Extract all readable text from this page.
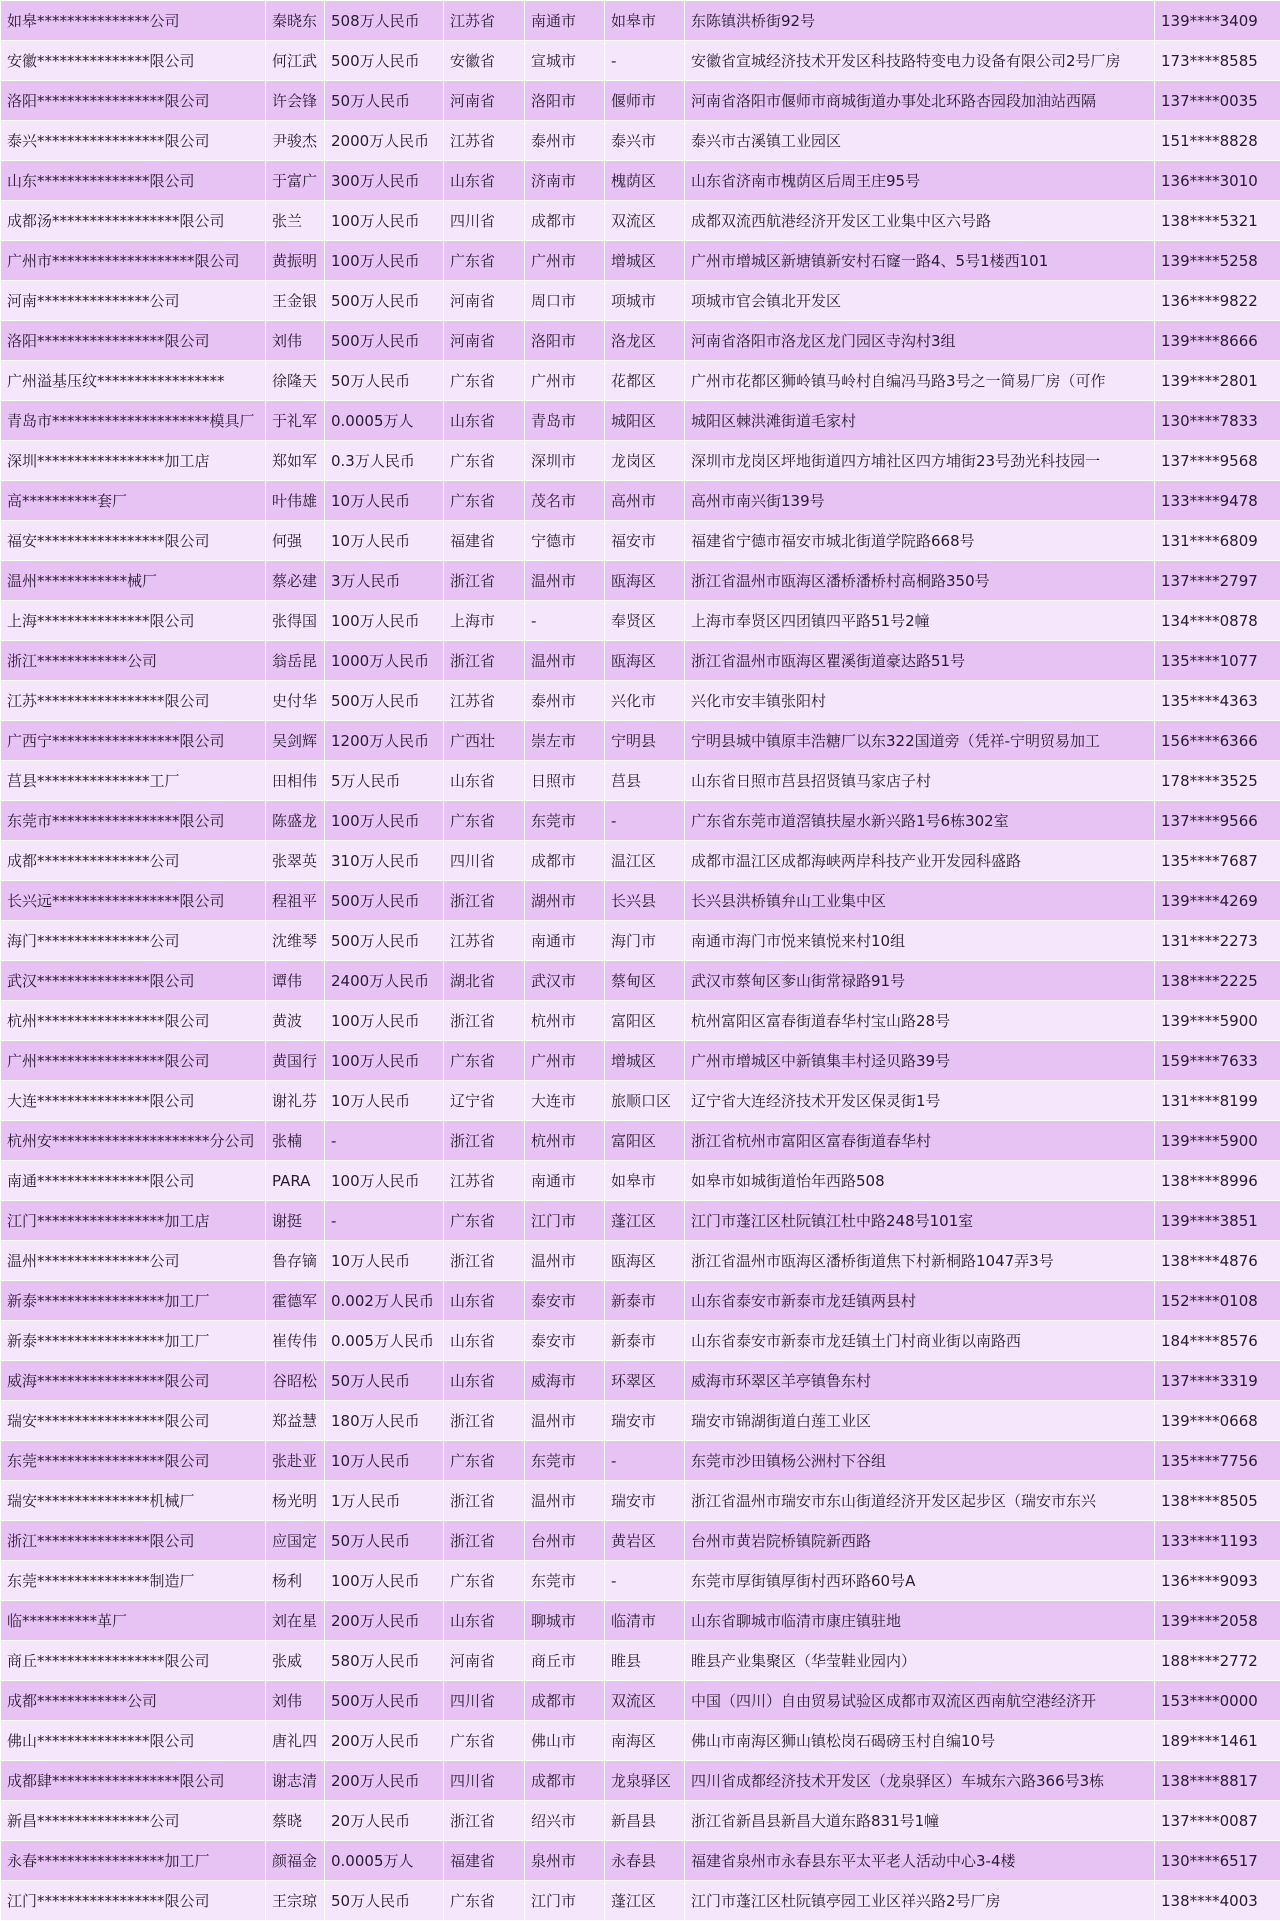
如皋***************公司	秦晓东	508万人民币	江苏省	南通市	如皋市	东陈镇洪桥街92号	139****3409
安徽***************限公司	何江武	500万人民币	安徽省	宣城市	-	安徽省宣城经济技术开发区科技路特变电力设备有限公司2号厂房	173****8585
洛阳*****************限公司	许会锋	50万人民币	河南省	洛阳市	偃师市	河南省洛阳市偃师市商城街道办事处北环路杏园段加油站西隔	137****0035
泰兴*****************限公司	尹骏杰	2000万人民币	江苏省	泰州市	泰兴市	泰兴市古溪镇工业园区	151****8828
山东***************限公司	于富广	300万人民币	山东省	济南市	槐荫区	山东省济南市槐荫区后周王庄95号	136****3010
成都汤*****************限公司	张兰	100万人民币	四川省	成都市	双流区	成都双流西航港经济开发区工业集中区六号路	138****5321
广州市*******************限公司	黄振明	100万人民币	广东省	广州市	增城区	广州市增城区新塘镇新安村石窿一路4、5号1楼西101	139****5258
河南***************公司	王金银	500万人民币	河南省	周口市	项城市	项城市官会镇北开发区	136****9822
洛阳*****************限公司	刘伟	500万人民币	河南省	洛阳市	洛龙区	河南省洛阳市洛龙区龙门园区寺沟村3组	139****8666
广州溢基压纹*****************	徐隆天	50万人民币	广东省	广州市	花都区	广州市花都区狮岭镇马岭村自编冯马路3号之一简易厂房（可作	139****2801
青岛市*********************模具厂	于礼军	0.0005万人	山东省	青岛市	城阳区	城阳区棘洪滩街道毛家村	130****7833
深圳*****************加工店	郑如军	0.3万人民币	广东省	深圳市	龙岗区	深圳市龙岗区坪地街道四方埔社区四方埔街23号劲光科技园一	137****9568
高**********套厂	叶伟雄	10万人民币	广东省	茂名市	高州市	高州市南兴街139号	133****9478
福安*****************限公司	何强	10万人民币	福建省	宁德市	福安市	福建省宁德市福安市城北街道学院路668号	131****6809
温州************械厂	蔡必建	3万人民币	浙江省	温州市	瓯海区	浙江省温州市瓯海区潘桥潘桥村高桐路350号	137****2797
上海***************限公司	张得国	100万人民币	上海市	-	奉贤区	上海市奉贤区四团镇四平路51号2幢	134****0878
浙江************公司	翁岳昆	1000万人民币	浙江省	温州市	瓯海区	浙江省温州市瓯海区瞿溪街道豪达路51号	135****1077
江苏*****************限公司	史付华	500万人民币	江苏省	泰州市	兴化市	兴化市安丰镇张阳村	135****4363
广西宁*****************限公司	吴剑辉	1200万人民币	广西壮	崇左市	宁明县	宁明县城中镇原丰浩糖厂以东322国道旁（凭祥-宁明贸易加工	156****6366
莒县***************工厂	田相伟	5万人民币	山东省	日照市	莒县	山东省日照市莒县招贤镇马家店子村	178****3525
东莞市*****************限公司	陈盛龙	100万人民币	广东省	东莞市	-	广东省东莞市道滘镇扶屋水新兴路1号6栋302室	137****9566
成都***************公司	张翠英	310万人民币	四川省	成都市	温江区	成都市温江区成都海峡两岸科技产业开发园科盛路	135****7687
长兴远*****************限公司	程祖平	500万人民币	浙江省	湖州市	长兴县	长兴县洪桥镇弁山工业集中区	139****4269
海门***************公司	沈维琴	500万人民币	江苏省	南通市	海门市	南通市海门市悦来镇悦来村10组	131****2273
武汉***************限公司	谭伟	2400万人民币	湖北省	武汉市	蔡甸区	武汉市蔡甸区奓山街常禄路91号	138****2225
杭州*****************限公司	黄波	100万人民币	浙江省	杭州市	富阳区	杭州富阳区富春街道春华村宝山路28号	139****5900
广州*****************限公司	黄国行	100万人民币	广东省	广州市	增城区	广州市增城区中新镇集丰村迳贝路39号	159****7633
大连***************限公司	谢礼芬	10万人民币	辽宁省	大连市	旅顺口区	辽宁省大连经济技术开发区保灵街1号	131****8199
杭州安*********************分公司	张楠	-	浙江省	杭州市	富阳区	浙江省杭州市富阳区富春街道春华村	139****5900
南通***************限公司	PARA	100万人民币	江苏省	南通市	如皋市	如皋市如城街道怡年西路508	138****8996
江门*****************加工店	谢挺	-	广东省	江门市	蓬江区	江门市蓬江区杜阮镇江杜中路248号101室	139****3851
温州***************公司	鲁存镝	10万人民币	浙江省	温州市	瓯海区	浙江省温州市瓯海区潘桥街道焦下村新桐路1047弄3号	138****4876
新泰*****************加工厂	霍德军	0.002万人民币	山东省	泰安市	新泰市	山东省泰安市新泰市龙廷镇两县村	152****0108
新泰*****************加工厂	崔传伟	0.005万人民币	山东省	泰安市	新泰市	山东省泰安市新泰市龙廷镇土门村商业街以南路西	184****8576
威海*****************限公司	谷昭松	50万人民币	山东省	威海市	环翠区	威海市环翠区羊亭镇鲁东村	137****3319
瑞安*****************限公司	郑益慧	180万人民币	浙江省	温州市	瑞安市	瑞安市锦湖街道白莲工业区	139****0668
东莞*****************限公司	张赴亚	10万人民币	广东省	东莞市	-	东莞市沙田镇杨公洲村下谷组	135****7756
瑞安***************机械厂	杨光明	1万人民币	浙江省	温州市	瑞安市	浙江省温州市瑞安市东山街道经济开发区起步区（瑞安市东兴	138****8505
浙江***************限公司	应国定	50万人民币	浙江省	台州市	黄岩区	台州市黄岩院桥镇院新西路	133****1193
东莞***************制造厂	杨利	100万人民币	广东省	东莞市	-	东莞市厚街镇厚街村西环路60号A	136****9093
临**********革厂	刘在星	200万人民币	山东省	聊城市	临清市	山东省聊城市临清市康庄镇驻地	139****2058
商丘*****************限公司	张威	580万人民币	河南省	商丘市	睢县	睢县产业集聚区（华莹鞋业园内）	188****2772
成都************公司	刘伟	500万人民币	四川省	成都市	双流区	中国（四川）自由贸易试验区成都市双流区西南航空港经济开	153****0000
佛山***************限公司	唐礼四	200万人民币	广东省	佛山市	南海区	佛山市南海区狮山镇松岗石碣磅玉村自编10号	189****1461
成都肆*****************限公司	谢志清	200万人民币	四川省	成都市	龙泉驿区	四川省成都经济技术开发区（龙泉驿区）车城东六路366号3栋	138****8817
新昌***************公司	蔡晓	20万人民币	浙江省	绍兴市	新昌县	浙江省新昌县新昌大道东路831号1幢	137****0087
永春*****************加工厂	颜福金	0.0005万人	福建省	泉州市	永春县	福建省泉州市永春县东平太平老人活动中心3-4楼	130****6517
江门*****************限公司	王宗琼	50万人民币	广东省	江门市	蓬江区	江门市蓬江区杜阮镇亭园工业区祥兴路2号厂房	138****4003
